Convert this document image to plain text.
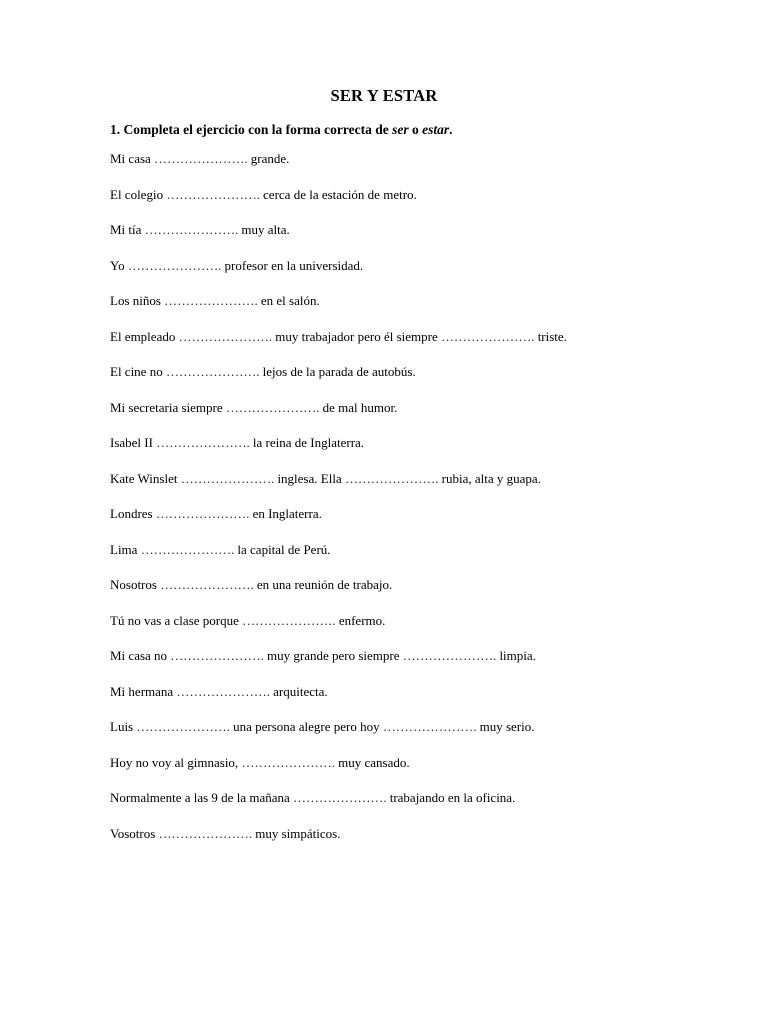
SER Y ESTAR
1. Completa el ejercicio con la forma correcta de ser o estar.
Mi casa …………………. grande.
El colegio …………………. cerca de la estación de metro.
Mi tía …………………. muy alta.
Yo …………………. profesor en la universidad.
Los niños …………………. en el salón.
El empleado …………………. muy trabajador pero él siempre …………………. triste.
El cine no …………………. lejos de la parada de autobús.
Mi secretaria siempre …………………. de mal humor.
Isabel II …………………. la reina de Inglaterra.
Kate Winslet …………………. inglesa. Ella …………………. rubia, alta y guapa.
Londres …………………. en Inglaterra.
Lima …………………. la capital de Perú.
Nosotros …………………. en una reunión de trabajo.
Tú no vas a clase porque …………………. enfermo.
Mi casa no …………………. muy grande pero siempre …………………. limpia.
Mi hermana …………………. arquitecta.
Luis …………………. una persona alegre pero hoy …………………. muy serio.
Hoy no voy al gimnasio, …………………. muy cansado.
Normalmente a las 9 de la mañana …………………. trabajando en la oficina.
Vosotros …………………. muy simpáticos.
